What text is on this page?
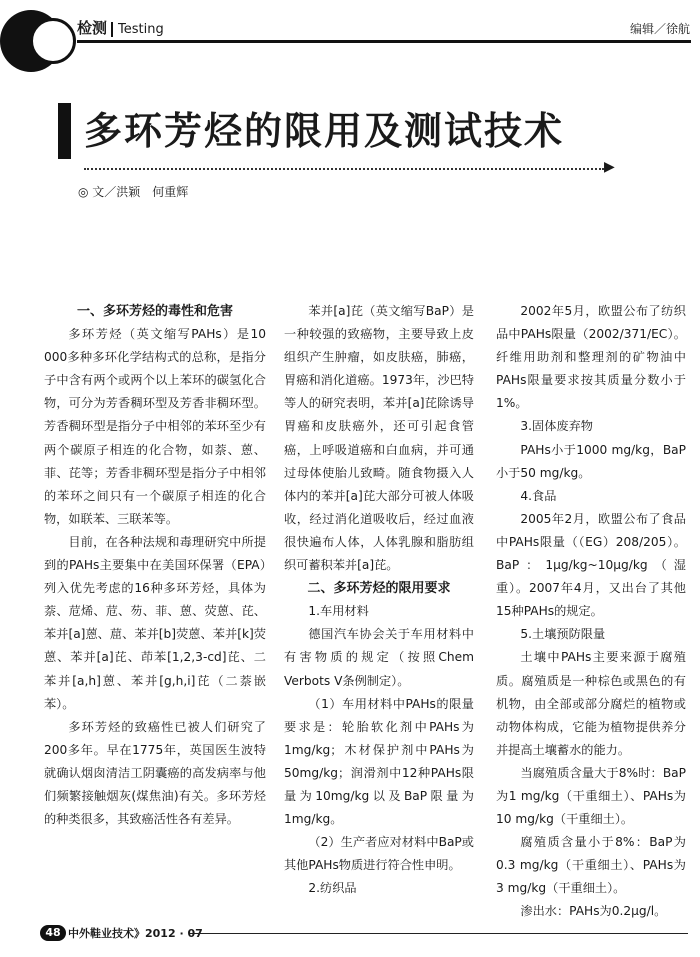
检测 Testing	编辑／徐航
多环芳烃的限用及测试技术
▶
◎ 文／洪颖　何重辉

一、多环芳烃的毒性和危害

多环芳烃（英文缩写PAHs）是10 000多种多环化学结构式的总称，是指分子中含有两个或两个以上苯环的碳氢化合物，可分为芳香稠环型及芳香非稠环型。芳香稠环型是指分子中相邻的苯环至少有两个碳原子相连的化合物，如萘、蒽、菲、芘等；芳香非稠环型是指分子中相邻的苯环之间只有一个碳原子相连的化合物，如联苯、三联苯等。

目前，在各种法规和毒理研究中所提到的PAHs主要集中在美国环保署（EPA）列入优先考虑的16种多环芳烃，具体为萘、苊烯、苊、芴、菲、蒽、荧蒽、芘、苯并[a]蒽、䓛、苯并[b]荧蒽、苯并[k]荧蒽、苯并[a]芘、茚苯[1,2,3-cd]芘、二苯并[a,h]蒽、苯并[g,h,i]芘（二萘嵌苯）。

多环芳烃的致癌性已被人们研究了200多年。早在1775年，英国医生波特就确认烟囱清洁工阴囊癌的高发病率与他们频繁接触烟灰(煤焦油)有关。多环芳烃的种类很多，其致癌活性各有差异。

苯并[a]芘（英文缩写BaP）是一种较强的致癌物，主要导致上皮组织产生肿瘤，如皮肤癌，肺癌，胃癌和消化道癌。1973年，沙巴特等人的研究表明，苯并[a]芘除诱导胃癌和皮肤癌外，还可引起食管癌，上呼吸道癌和白血病，并可通过母体使胎儿致畸。随食物摄入人体内的苯并[a]芘大部分可被人体吸收，经过消化道吸收后，经过血液很快遍布人体，人体乳腺和脂肪组织可蓄积苯并[a]芘。

二、多环芳烃的限用要求

1.车用材料

德国汽车协会关于车用材料中有害物质的规定（按照Chem Verbots V条例制定）。

（1）车用材料中PAHs的限量要求是：轮胎软化剂中PAHs为1mg/kg；木材保护剂中PAHs为50mg/kg；润滑剂中12种PAHs限量为10mg/kg以及BaP限量为1mg/kg。

（2）生产者应对材料中BaP或其他PAHs物质进行符合性申明。

2.纺织品

2002年5月，欧盟公布了纺织品中PAHs限量（2002/371/EC）。纤维用助剂和整理剂的矿物油中PAHs限量要求按其质量分数小于1%。

3.固体废弃物

PAHs小于1000 mg/kg，BaP小于50 mg/kg。

4.食品

2005年2月，欧盟公布了食品中PAHs限量（（EG）208/205）。BaP：1μg/kg~10μg/kg（湿重）。2007年4月，又出台了其他15种PAHs的规定。

5.土壤预防限量

土壤中PAHs主要来源于腐殖质。腐殖质是一种棕色或黑色的有机物，由全部或部分腐烂的植物或动物体构成，它能为植物提供养分并提高土壤蓄水的能力。

当腐殖质含量大于8%时：BaP为1 mg/kg（干重细土）、PAHs为10 mg/kg（干重细土）。

腐殖质含量小于8%：BaP为0.3 mg/kg（干重细土）、PAHs为3 mg/kg（干重细土）。

渗出水：PAHs为0.2μg/l。

48 中外鞋业技术》2012 · 07
